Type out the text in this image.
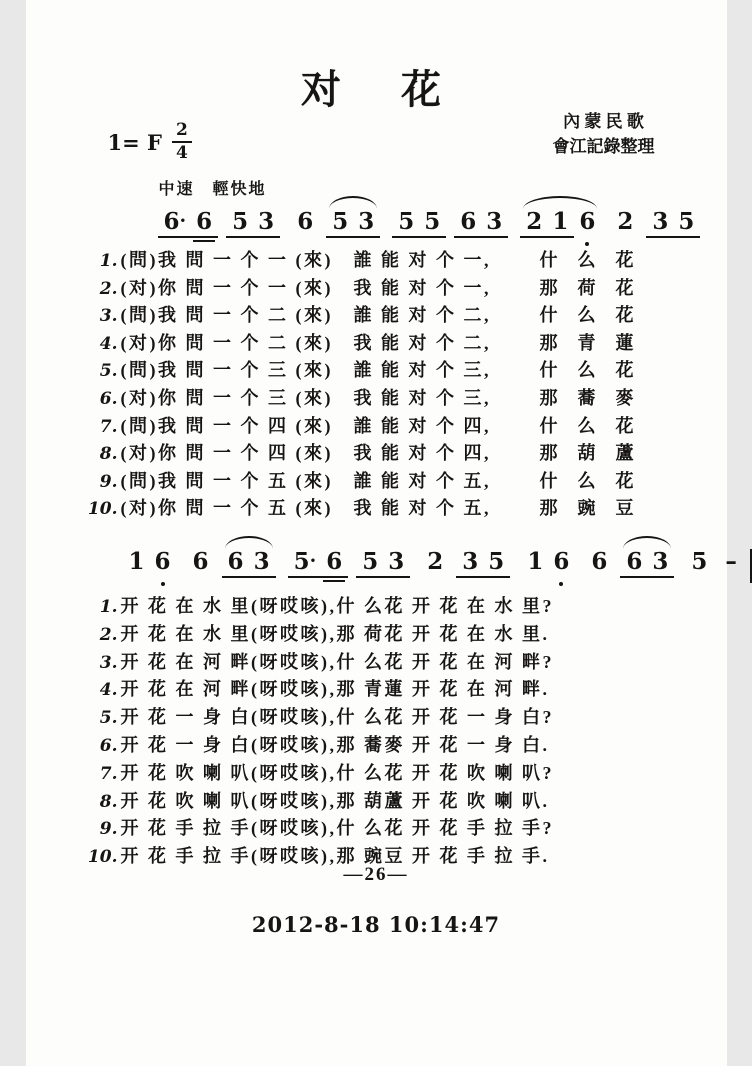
对　花
1= F $\frac{2}{4}$
內 蒙 民 歌
會江記錄整理
中速　輕快地
6· 6 5 3 6 5 3 5 5 6 3 2 1 6 2 3 5
1. (問)我 問 一 个 一 (來)　誰 能 对 个 一,	什么花
2. (对)你 問 一 个 一 (來)　我 能 对 个 一,	那荷花
3. (問)我 問 一 个 二 (來)　誰 能 对 个 二,	什么花
4. (对)你 問 一 个 二 (來)　我 能 对 个 二,	那青蓮
5. (問)我 問 一 个 三 (來)　誰 能 对 个 三,	什么花
6. (对)你 問 一 个 三 (來)　我 能 对 个 三,	那蕎麥
7. (問)我 問 一 个 四 (來)　誰 能 对 个 四,	什么花
8. (对)你 問 一 个 四 (來)　我 能 对 个 四,	那葫蘆
9. (問)我 問 一 个 五 (來)　誰 能 对 个 五,	什么花
10. (对)你 問 一 个 五 (來)　我 能 对 个 五,	那豌豆
1 6 6 6 3 5· 6 5 3 2 3 5 1 6 6 6 3 5 –
1. 开 花 在 水 里(呀哎咳),什 么花 开 花 在 水 里?
2. 开 花 在 水 里(呀哎咳),那 荷花 开 花 在 水 里.
3. 开 花 在 河 畔(呀哎咳),什 么花 开 花 在 河 畔?
4. 开 花 在 河 畔(呀哎咳),那 青蓮 开 花 在 河 畔.
5. 开 花 一 身 白(呀哎咳),什 么花 开 花 一 身 白?
6. 开 花 一 身 白(呀哎咳),那 蕎麥 开 花 一 身 白.
7. 开 花 吹 喇 叭(呀哎咳),什 么花 开 花 吹 喇 叭?
8. 开 花 吹 喇 叭(呀哎咳),那 葫蘆 开 花 吹 喇 叭.
9. 开 花 手 拉 手(呀哎咳),什 么花 开 花 手 拉 手?
10. 开 花 手 拉 手(呀哎咳),那 豌豆 开 花 手 拉 手.
—26—
2012-8-18 10:14:47
